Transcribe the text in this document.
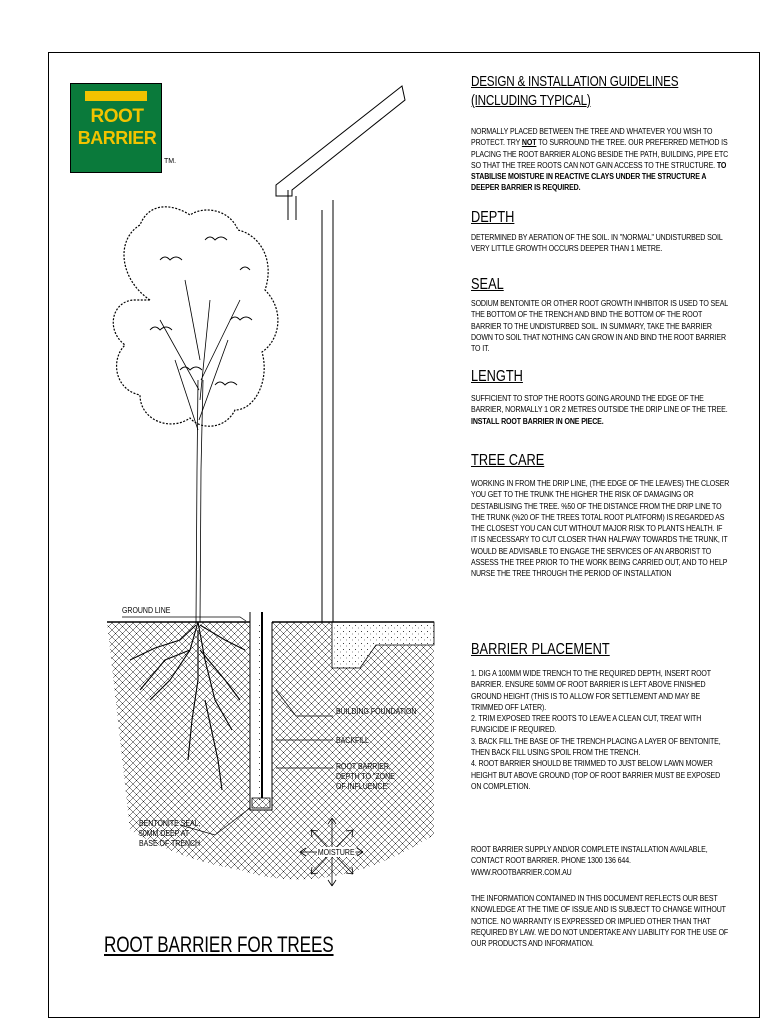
ROOT
BARRIER
TM.
GROUND LINE
BUILDING FOUNDATION
BACKFILL
ROOT BARRIER,
DEPTH TO "ZONE
OF INFLUENCE"
BENTONITE SEAL,
50MM DEEP AT
BASE OF TRENCH
MOISTURE
ROOT BARRIER FOR TREES
DESIGN & INSTALLATION GUIDELINES
(INCLUDING TYPICAL)
NORMALLY PLACED BETWEEN THE TREE AND WHATEVER YOU WISH TO PROTECT. TRY NOT TO SURROUND THE TREE. OUR PREFERRED METHOD IS PLACING THE ROOT BARRIER ALONG BESIDE THE PATH, BUILDING, PIPE ETC SO THAT THE TREE ROOTS CAN NOT GAIN ACCESS TO THE STRUCTURE. TO STABILISE MOISTURE IN REACTIVE CLAYS UNDER THE STRUCTURE A DEEPER BARRIER IS REQUIRED.
DEPTH
DETERMINED BY AERATION OF THE SOIL. IN "NORMAL" UNDISTURBED SOIL VERY LITTLE GROWTH OCCURS DEEPER THAN 1 METRE.
SEAL
SODIUM BENTONITE OR OTHER ROOT GROWTH INHIBITOR IS USED TO SEAL THE BOTTOM OF THE TRENCH AND BIND THE BOTTOM OF THE ROOT BARRIER TO THE UNDISTURBED SOIL. IN SUMMARY, TAKE THE BARRIER DOWN TO SOIL THAT NOTHING CAN GROW IN AND BIND THE ROOT BARRIER TO IT.
LENGTH
SUFFICIENT TO STOP THE ROOTS GOING AROUND THE EDGE OF THE BARRIER, NORMALLY 1 OR 2 METRES OUTSIDE THE DRIP LINE OF THE TREE.
INSTALL ROOT BARRIER IN ONE PIECE.
TREE CARE
WORKING IN FROM THE DRIP LINE, (THE EDGE OF THE LEAVES) THE CLOSER YOU GET TO THE TRUNK THE HIGHER THE RISK OF DAMAGING OR DESTABILISING THE TREE. %50 OF THE DISTANCE FROM THE DRIP LINE TO THE TRUNK (%20 OF THE TREES TOTAL ROOT PLATFORM) IS REGARDED AS THE CLOSEST YOU CAN CUT WITHOUT MAJOR RISK TO PLANTS HEALTH. IF IT IS NECESSARY TO CUT CLOSER THAN HALFWAY TOWARDS THE TRUNK, IT WOULD BE ADVISABLE TO ENGAGE THE SERVICES OF AN ARBORIST TO ASSESS THE TREE PRIOR TO THE WORK BEING CARRIED OUT, AND TO HELP NURSE THE TREE THROUGH THE PERIOD OF INSTALLATION
BARRIER PLACEMENT
1. DIG A 100MM WIDE TRENCH TO THE REQUIRED DEPTH, INSERT ROOT BARRIER. ENSURE 50MM OF ROOT BARRIER IS LEFT ABOVE FINISHED GROUND HEIGHT (THIS IS TO ALLOW FOR SETTLEMENT AND MAY BE TRIMMED OFF LATER).
2. TRIM EXPOSED TREE ROOTS TO LEAVE A CLEAN CUT, TREAT WITH FUNGICIDE IF REQUIRED.
3. BACK FILL THE BASE OF THE TRENCH PLACING A LAYER OF BENTONITE, THEN BACK FILL USING SPOIL FROM THE TRENCH.
4. ROOT BARRIER SHOULD BE TRIMMED TO JUST BELOW LAWN MOWER HEIGHT BUT ABOVE GROUND (TOP OF ROOT BARRIER MUST BE EXPOSED ON COMPLETION.
ROOT BARRIER SUPPLY AND/OR COMPLETE INSTALLATION AVAILABLE, CONTACT ROOT BARRIER. PHONE 1300 136 644. WWW.ROOTBARRIER.COM.AU
THE INFORMATION CONTAINED IN THIS DOCUMENT REFLECTS OUR BEST KNOWLEDGE AT THE TIME OF ISSUE AND IS SUBJECT TO CHANGE WITHOUT NOTICE. NO WARRANTY IS EXPRESSED OR IMPLIED OTHER THAN THAT REQUIRED BY LAW. WE DO NOT UNDERTAKE ANY LIABILITY FOR THE USE OF OUR PRODUCTS AND INFORMATION.
